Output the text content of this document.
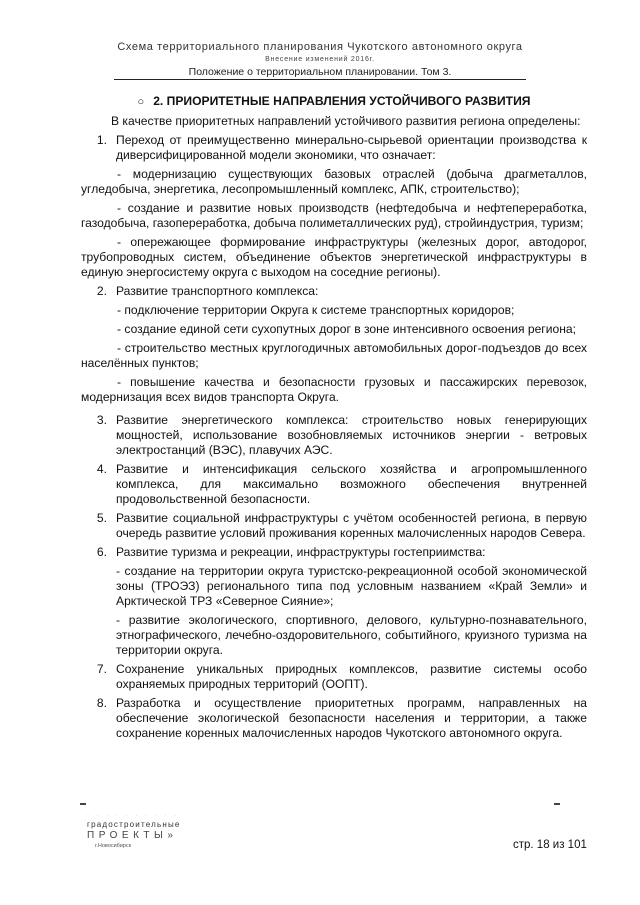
Схема территориального планирования Чукотского автономного округа
Внесение изменений 2016г.
Положение о территориальном планировании. Том 3.
○ 2. ПРИОРИТЕТНЫЕ НАПРАВЛЕНИЯ УСТОЙЧИВОГО РАЗВИТИЯ

В качестве приоритетных направлений устойчивого развития региона определены:

1. Переход от преимущественно минерально-сырьевой ориентации производства к диверсифицированной модели экономики, что означает:

- модернизацию существующих базовых отраслей (добыча драгметаллов, угледобыча, энергетика, лесопромышленный комплекс, АПК, строительство);

- создание и развитие новых производств (нефтедобыча и нефтепереработка, газодобыча, газопереработка, добыча полиметаллических руд), стройиндустрия, туризм;

- опережающее формирование инфраструктуры (железных дорог, автодорог, трубопроводных систем, объединение объектов энергетической инфраструктуры в единую энергосистему округа с выходом на соседние регионы).

2. Развитие транспортного комплекса:

- подключение территории Округа к системе транспортных коридоров;

- создание единой сети сухопутных дорог в зоне интенсивного освоения региона;

- строительство местных круглогодичных автомобильных дорог-подъездов до всех населённых пунктов;

- повышение качества и безопасности грузовых и пассажирских перевозок, модернизация всех видов транспорта Округа.

3. Развитие энергетического комплекса: строительство новых генерирующих мощностей, использование возобновляемых источников энергии - ветровых электростанций (ВЭС), плавучих АЭС.
4. Развитие и интенсификация сельского хозяйства и агропромышленного комплекса, для максимально возможного обеспечения внутренней продовольственной безопасности.
5. Развитие социальной инфраструктуры с учётом особенностей региона, в первую очередь развитие условий проживания коренных малочисленных народов Севера.
6. Развитие туризма и рекреации, инфраструктуры гостеприимства:

- создание на территории округа туристско-рекреационной особой экономической зоны (ТРОЭЗ) регионального типа под условным названием «Край Земли» и Арктической ТРЗ «Северное Сияние»;

- развитие экологического, спортивного, делового, культурно-познавательного, этнографического, лечебно-оздоровительного, событийного, круизного туризма на территории округа.

7. Сохранение уникальных природных комплексов, развитие системы особо охраняемых природных территорий (ООПТ).
8. Разработка и осуществление приоритетных программ, направленных на обеспечение экологической безопасности населения и территории, а также сохранение коренных малочисленных народов Чукотского автономного округа.
· · · · · · · · · ·
градостроительные
ПРОЕКТЫ»
г.Новосибирск	стр. 18 из 101
